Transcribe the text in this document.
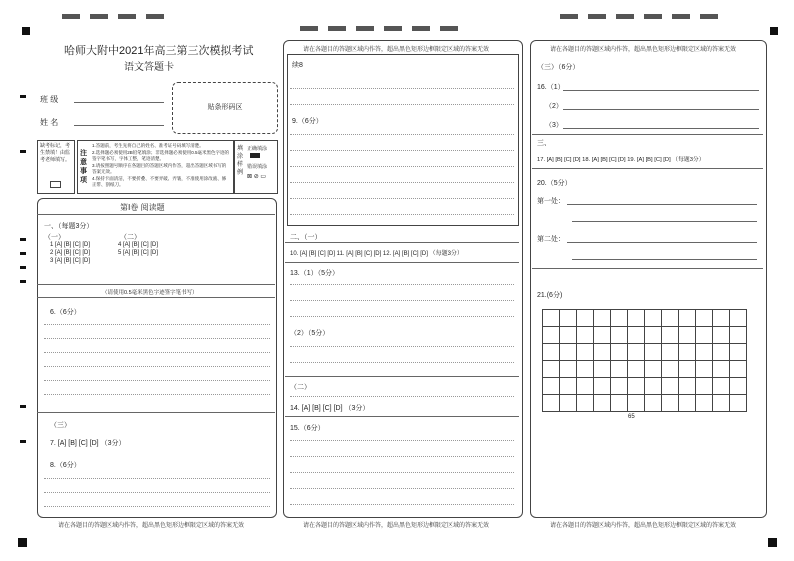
哈师大附中2021年高三第三次模拟考试
语文答题卡
班 级
姓 名
贴条形码区
缺考标记，考生禁填！由监考老师填写。
注意事项
1.答题前，考生先将自己的姓名、准考证号码填写清楚。
2.选择题必须使用2B铅笔填涂；非选择题必须使用0.5毫米黑色字迹的签字笔书写，字体工整，笔迹清楚。
3.请按照题号顺序在各题目的答题区域内作答，超出答题区域书写的答案无效。
4.保持卡面清洁，不要折叠、不要弄破、弄皱，不准使用涂改液、修正带、刮纸刀。
填涂样例
正确填涂
错误填涂
⊠ ⊘ ▭
第Ⅰ卷 阅读题
一、（每题3分）
（一）	（二）
1 [A] [B] [C] [D]
2 [A] [B] [C] [D]
3 [A] [B] [C] [D]
4 [A] [B] [C] [D]
5 [A] [B] [C] [D]
（请使用0.5毫米黑色字迹签字笔书写）
6.（6分）
（三）
7. [A] [B] [C] [D] （3分）
8.（6分）
请在各题目的答题区域内作答，超出黑色矩形边框限定区域的答案无效
请在各题目的答题区域内作答，超出黑色矩形边框限定区域的答案无效
续8
9.（6分）
二、（一）
10. [A] [B] [C] [D] 11. [A] [B] [C] [D] 12. [A] [B] [C] [D] （每题3分）
13.（1）（5分）
（2）（5分）
（二）
14. [A] [B] [C] [D] （3分）
15.（6分）
请在各题目的答题区域内作答，超出黑色矩形边框限定区域的答案无效
请在各题目的答题区域内作答，超出黑色矩形边框限定区域的答案无效
（三）（6分）
16.（1）
（2）
（3）
三、
17. [A] [B] [C] [D] 18. [A] [B] [C] [D] 19. [A] [B] [C] [D] （每题3分）
20.（5分）
第一处：
第二处：
21.(6分)
65
请在各题目的答题区域内作答，超出黑色矩形边框限定区域的答案无效
